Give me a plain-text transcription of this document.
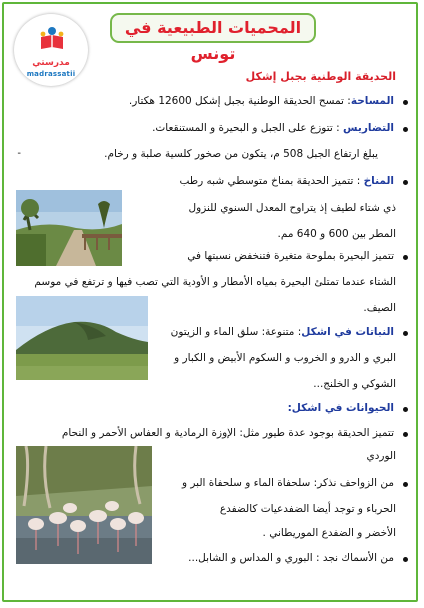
مدرستي
madrassatii
المحميات الطبيعية في تونس
الحديقة الوطنية بجبل إشكل
المساحة: تمسح الحديقة الوطنية بجبل إشكل 12600 هكتار.
التضاريس : تتوزع على الجبل و البحيرة و المستنقعات.
-	يبلغ ارتفاع الجبل 508 م، يتكون من صخور كلسية صلبة و رخام.
المناخ : تتميز الحديقة بمناخ متوسطي شبه رطب
ذي شتاء لطيف إذ يتراوح المعدل السنوي للنزول
المطر بين 600 و 640 مم.
تتميز البحيرة بملوحة متغيرة فتنخفض نسبتها في
الشتاء عندما تمتلئ البحيرة بمياه الأمطار و الأودية التي تصب فيها و ترتفع في موسم
الصيف.
النباتات في اشكل: متنوعة: سلق الماء و الزيتون
البري و الدرو و الخروب و السكوم الأبيض و الكبار و
الشوكي و الخلنج...
الحيوانات في اشكل:
تتميز الحديقة بوجود عدة طيور مثل: الإوزة الرمادية و العفاس الأحمر و النحام
الوردي
من الزواحف نذكر: سلحفاة الماء و سلحفاة البر و
الحرباء و توجد أيضا الضفدعيات كالضفدع
الأخضر و الضفدع الموريطاني .
من الأسماك نجد : البوري و المداس و الشابل...
